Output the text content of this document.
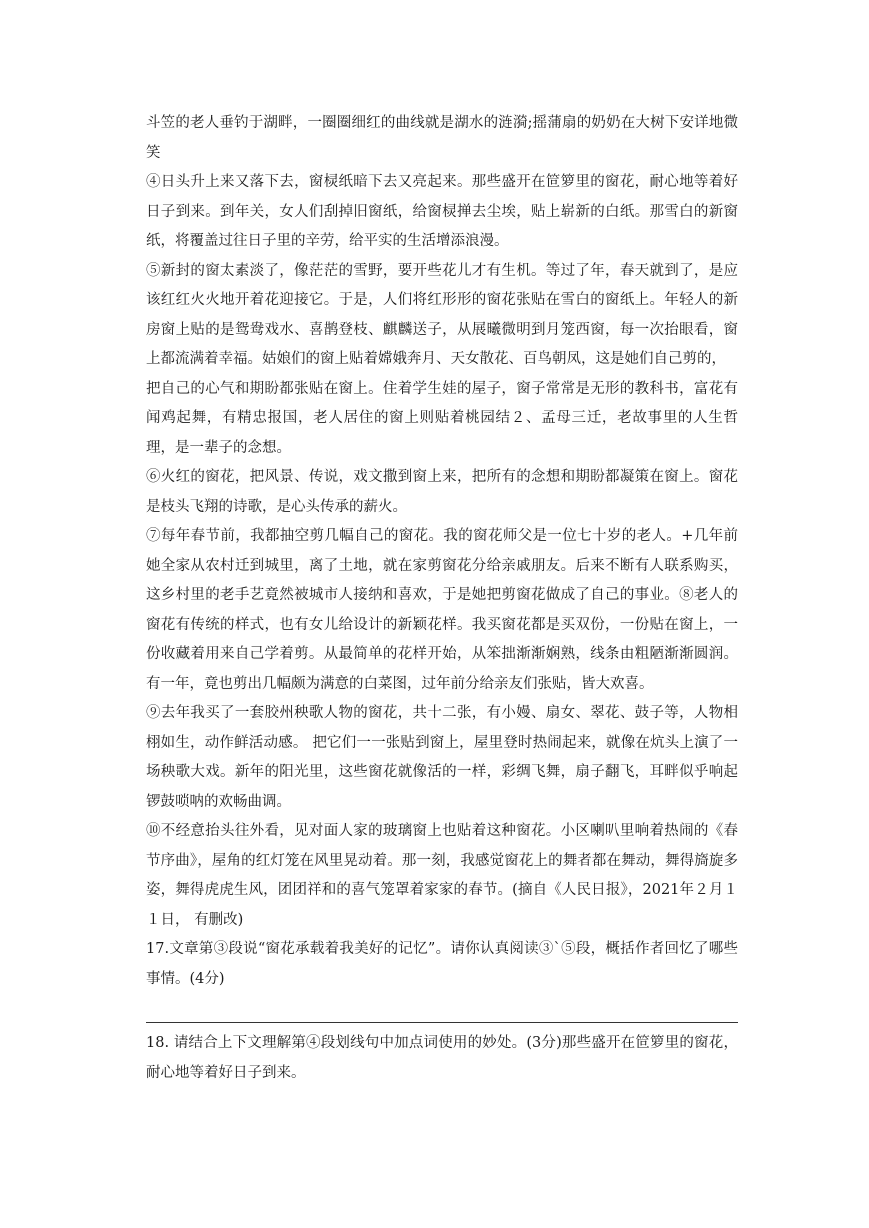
斗笠的老人垂钓于湖畔，一圈圈细红的曲线就是湖水的涟漪;摇蒲扇的奶奶在大树下安详地微笑

④日头升上来又落下去，窗棂纸暗下去又亮起来。那些盛开在笸箩里的窗花，耐心地等着好日子到来。到年关，女人们刮掉旧窗纸，给窗棂掸去尘埃，贴上崭新的白纸。那雪白的新窗纸，将覆盖过往日子里的辛劳，给平实的生活增添浪漫。

⑤新封的窗太素淡了，像茫茫的雪野，要开些花儿才有生机。等过了年，春天就到了，是应该红红火火地开着花迎接它。于是，人们将红形形的窗花张贴在雪白的窗纸上。年轻人的新房窗上贴的是鸳鸯戏水、喜鹊登枝、麒麟送子，从展曦微明到月笼西窗，每一次抬眼看，窗上都流满着幸福。姑娘们的窗上贴着嫦娥奔月、天女散花、百鸟朝凤，这是她们自己剪的，

把自己的心气和期盼都张贴在窗上。住着学生娃的屋子，窗子常常是无形的教科书，富花有闻鸡起舞，有精忠报国，老人居住的窗上则贴着桃园结２、孟母三迁，老故事里的人生哲理，是一辈子的念想。

⑥火红的窗花，把风景、传说，戏文撒到窗上来，把所有的念想和期盼都凝策在窗上。窗花是枝头飞翔的诗歌，是心头传承的薪火。

⑦每年春节前，我都抽空剪几幅自己的窗花。我的窗花师父是一位七十岁的老人。+几年前她全家从农村迁到城里，离了土地，就在家剪窗花分给亲戚朋友。后来不断有人联系购买，这乡村里的老手艺竟然被城市人接纳和喜欢，于是她把剪窗花做成了自己的事业。⑧老人的窗花有传统的样式，也有女儿给设计的新颖花样。我买窗花都是买双份，一份贴在窗上，一份收藏着用来自己学着剪。从最简单的花样开始，从笨拙渐渐娴熟，线条由粗陋渐渐圆润。有一年，竟也剪出几幅颇为满意的白菜图，过年前分给亲友们张贴，皆大欢喜。

⑨去年我买了一套胶州秧歌人物的窗花，共十二张，有小嫚、扇女、翠花、鼓子等，人物相栩如生，动作鲜活动感。 把它们一一张贴到窗上，屋里登时热闹起来，就像在炕头上演了一场秧歌大戏。新年的阳光里，这些窗花就像活的一样，彩绸飞舞，扇子翻飞，耳畔似乎响起锣鼓唢呐的欢畅曲调。

⑩不经意抬头往外看，见对面人家的玻璃窗上也贴着这种窗花。小区喇叭里响着热闹的《春节序曲》，屋角的红灯笼在风里晃动着。那一刻，我感觉窗花上的舞者都在舞动，舞得旖旋多姿，舞得虎虎生风，团团祥和的喜气笼罩着家家的春节。(摘自《人民日报》，2021年２月１１日， 有删改)

17.文章第③段说“窗花承载着我美好的记忆”。请你认真阅读③`⑤段，概括作者回忆了哪些事情。(4分)

18. 请结合上下文理解第④段划线句中加点词使用的妙处。(3分)那些盛开在笸箩里的窗花，耐心地等着好日子到来。
